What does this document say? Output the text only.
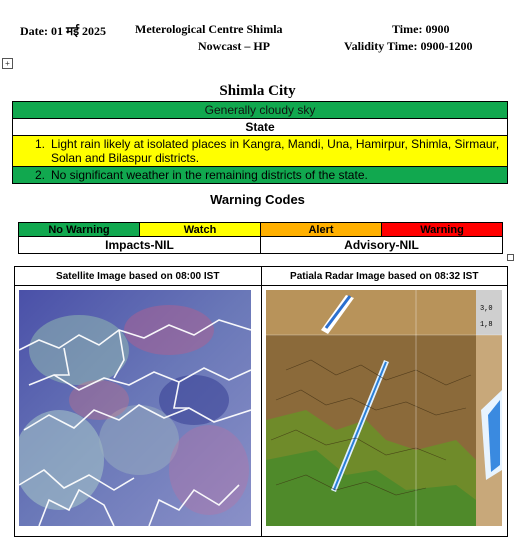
Date: 01 मई 2025 Meterological Centre Shimla	Time: 0900
Nowcast – HP	Validity Time: 0900-1200
+
Shimla City
Generally cloudy sky
State

1. Light rain likely at isolated places in Kangra, Mandi, Una, Hamirpur, Shimla, Sirmaur, Solan and Bilaspur districts.

2. No significant weather in the remaining districts of the state.
Warning Codes
No Warning	Watch	Alert	Warning
Impacts-NIL		Advisory-NIL	
Satellite Image based on 08:00 IST	Patiala Radar Image based on 08:32 IST

3,0
1,8
